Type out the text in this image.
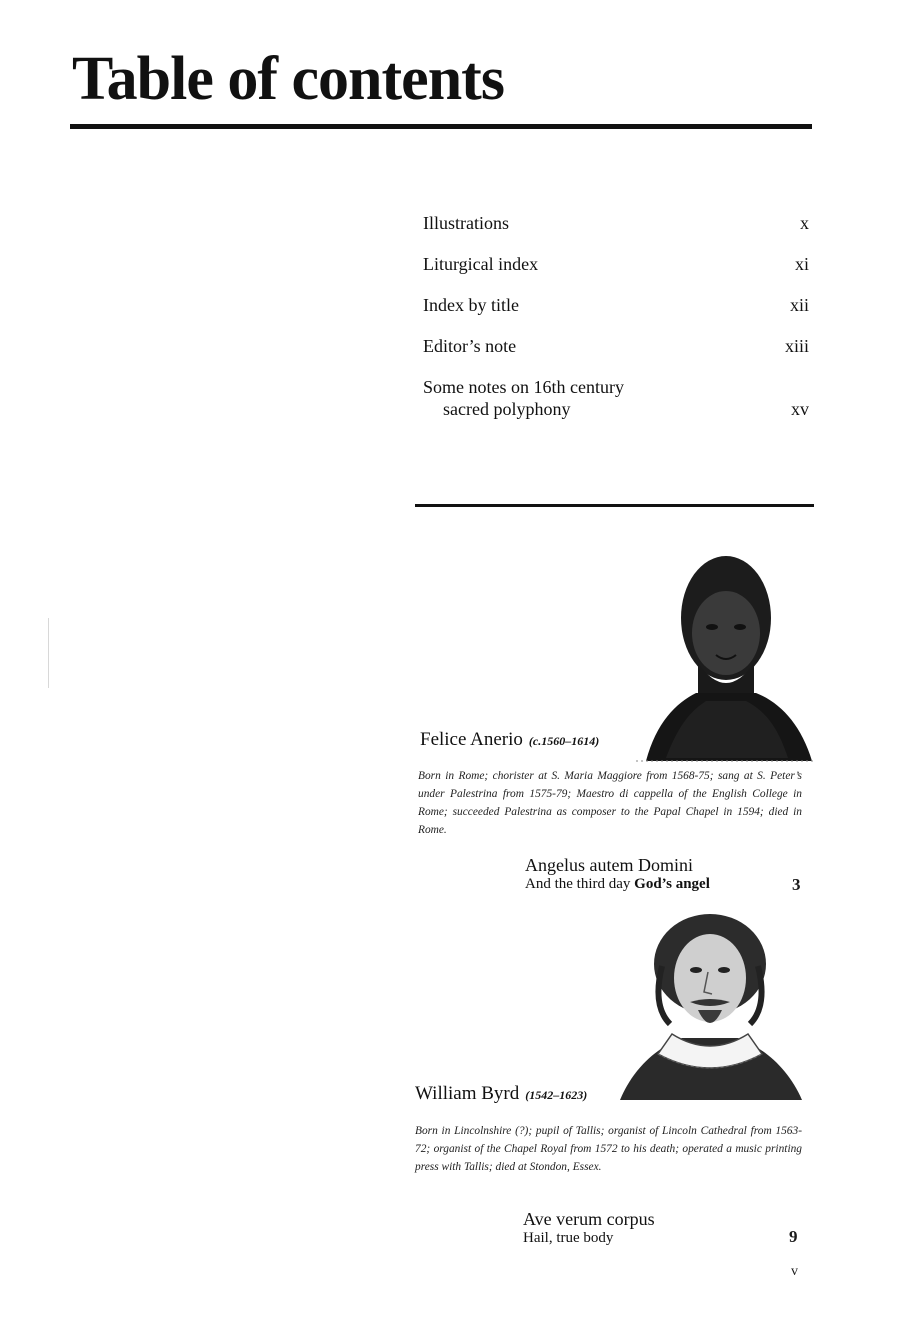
Table of contents
Illustrations	x
Liturgical index	xi
Index by title	xii
Editor’s note	xiii
Some notes on 16th century
sacred polyphony	xv
Felice Anerio (c.1560–1614)
Born in Rome; chorister at S. Maria Maggiore from 1568-75; sang at S. Peter’s under Palestrina from 1575-79; Maestro di cappella of the English College in Rome; succeeded Palestrina as composer to the Papal Chapel in 1594; died in Rome.
Angelus autem Domini
And the third day God’s angel	3
William Byrd (1542–1623)
Born in Lincolnshire (?); pupil of Tallis; organist of Lincoln Cathedral from 1563-72; organist of the Chapel Royal from 1572 to his death; operated a music printing press with Tallis; died at Stondon, Essex.
Ave verum corpus
Hail, true body	9
v
